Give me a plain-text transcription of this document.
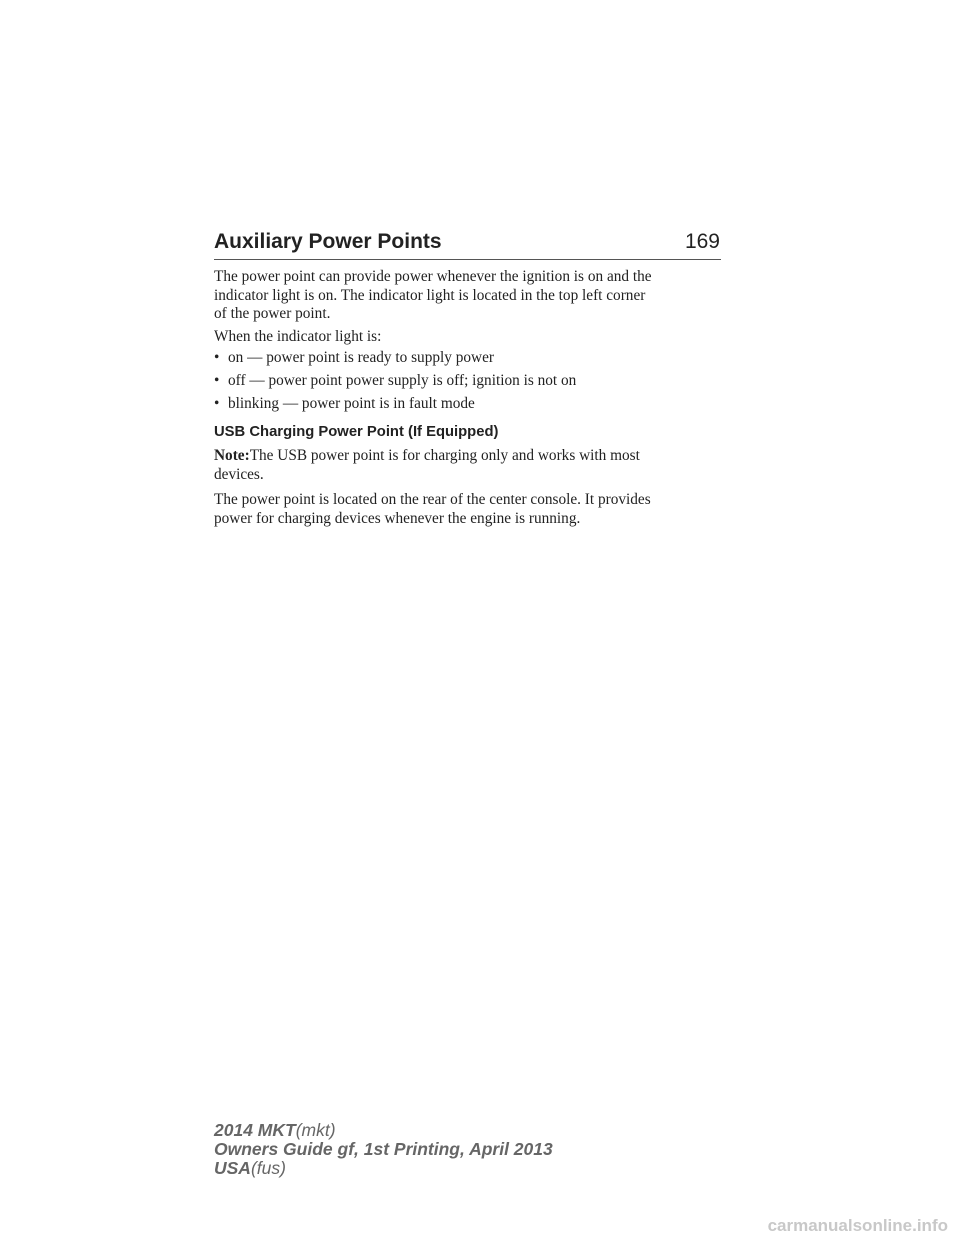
Auxiliary Power Points	169
The power point can provide power whenever the ignition is on and the
indicator light is on. The indicator light is located in the top left corner
of the power point.
When the indicator light is:
• on — power point is ready to supply power
• off — power point power supply is off; ignition is not on
• blinking — power point is in fault mode
USB Charging Power Point (If Equipped)
Note:The USB power point is for charging only and works with most
devices.
The power point is located on the rear of the center console. It provides
power for charging devices whenever the engine is running.
2014 MKT(mkt)
Owners Guide gf, 1st Printing, April 2013
USA(fus)
carmanualsonline.info
